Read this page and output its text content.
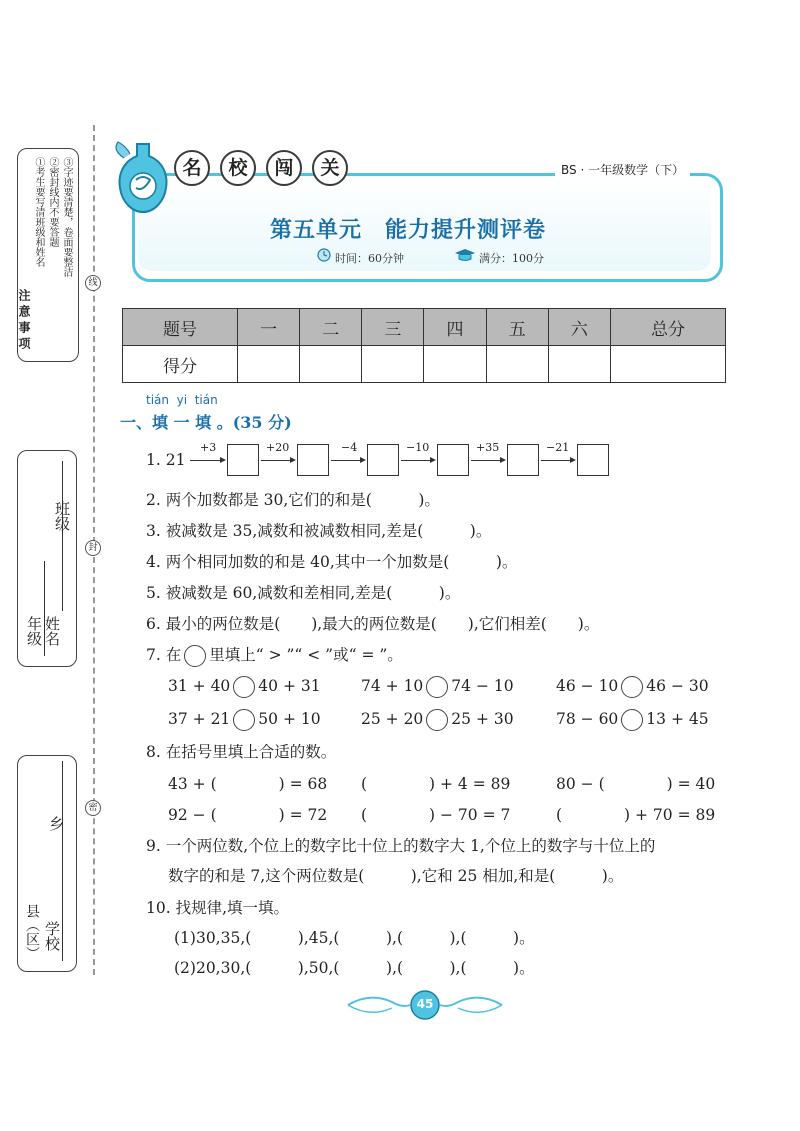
线
封
密
③字迹要清楚，卷面要整洁
②密封线内不要答题
①考生要写清班级和姓名
注意事项
班级
年级 姓名
乡
县（区） 学校
名	校	闯	关	BS · 一年级数学（下）
第五单元　能力提升测评卷
时间：60分钟	满分：100分
题号	一	二	三	四	五	六	总分
得分							
tián  yi  tián
一、填 一 填 。(35 分)
1. 21
+3	+20	−4	−10	+35	−21
2. 两个加数都是 30,它们的和是(　　　)。
3. 被减数是 35,减数和被减数相同,差是(　　　)。
4. 两个相同加数的和是 40,其中一个加数是(　　　)。
5. 被减数是 60,减数和差相同,差是(　　　)。
6. 最小的两位数是(　　),最大的两位数是(　　),它们相差(　　)。
7. 在 里填上“ > ”“ < ”或“ = ”。
31 + 40 40 + 31	74 + 10 74 − 10	46 − 10 46 − 30
37 + 21 50 + 10	25 + 20 25 + 30	78 − 60 13 + 45
8. 在括号里填上合适的数。
43 + (　　　　) = 68 (　　　　) + 4 = 89	80 − (　　　　) = 40
92 − (　　　　) = 72 (　　　　) − 70 = 7	(　　　　) + 70 = 89
9. 一个两位数,个位上的数字比十位上的数字大 1,个位上的数字与十位上的
数字的和是 7,这个两位数是(　　　),它和 25 相加,和是(　　　)。
10. 找规律,填一填。
(1)30,35,(　　　),45,(　　　),(　　　),(　　　)。
(2)20,30,(　　　),50,(　　　),(　　　),(　　　)。
45
